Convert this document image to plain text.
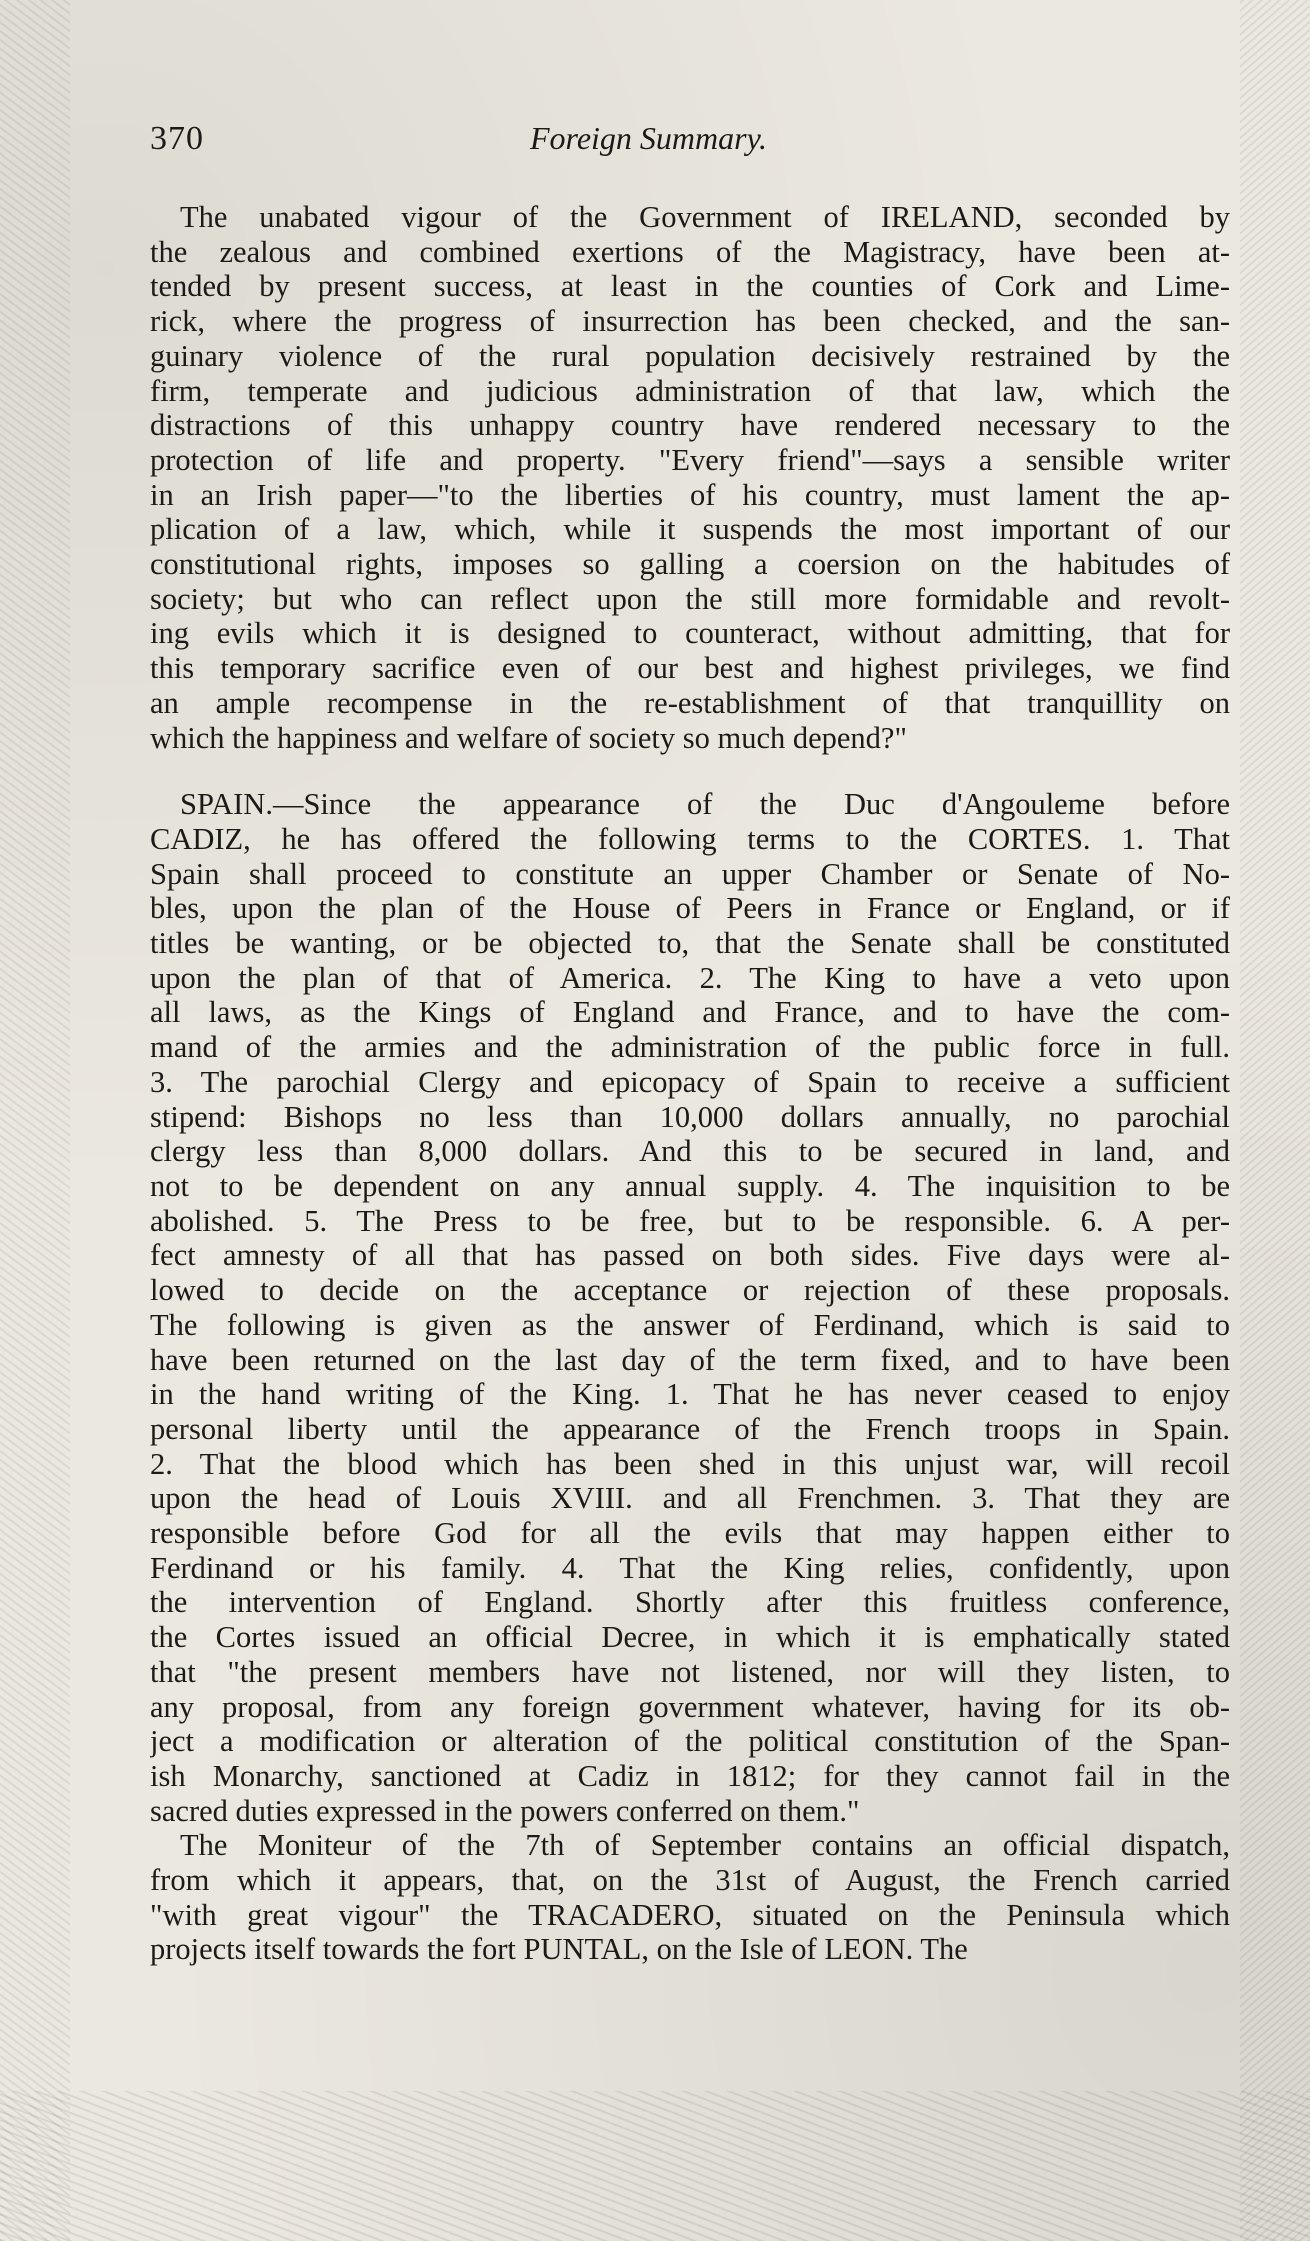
370	Foreign Summary.
The unabated vigour of the Government of IRELAND, seconded by
the zealous and combined exertions of the Magistracy, have been at-
tended by present success, at least in the counties of Cork and Lime-
rick, where the progress of insurrection has been checked, and the san-
guinary violence of the rural population decisively restrained by the
firm, temperate and judicious administration of that law, which the
distractions of this unhappy country have rendered necessary to the
protection of life and property. "Every friend"—says a sensible writer
in an Irish paper—"to the liberties of his country, must lament the ap-
plication of a law, which, while it suspends the most important of our
constitutional rights, imposes so galling a coersion on the habitudes of
society; but who can reflect upon the still more formidable and revolt-
ing evils which it is designed to counteract, without admitting, that for
this temporary sacrifice even of our best and highest privileges, we find
an ample recompense in the re-establishment of that tranquillity on
which the happiness and welfare of society so much depend?"
SPAIN.—Since the appearance of the Duc d'Angouleme before
CADIZ, he has offered the following terms to the CORTES. 1. That
Spain shall proceed to constitute an upper Chamber or Senate of No-
bles, upon the plan of the House of Peers in France or England, or if
titles be wanting, or be objected to, that the Senate shall be constituted
upon the plan of that of America. 2. The King to have a veto upon
all laws, as the Kings of England and France, and to have the com-
mand of the armies and the administration of the public force in full.
3. The parochial Clergy and epicopacy of Spain to receive a sufficient
stipend: Bishops no less than 10,000 dollars annually, no parochial
clergy less than 8,000 dollars. And this to be secured in land, and
not to be dependent on any annual supply. 4. The inquisition to be
abolished. 5. The Press to be free, but to be responsible. 6. A per-
fect amnesty of all that has passed on both sides. Five days were al-
lowed to decide on the acceptance or rejection of these proposals.
The following is given as the answer of Ferdinand, which is said to
have been returned on the last day of the term fixed, and to have been
in the hand writing of the King. 1. That he has never ceased to enjoy
personal liberty until the appearance of the French troops in Spain.
2. That the blood which has been shed in this unjust war, will recoil
upon the head of Louis XVIII. and all Frenchmen. 3. That they are
responsible before God for all the evils that may happen either to
Ferdinand or his family. 4. That the King relies, confidently, upon
the intervention of England. Shortly after this fruitless conference,
the Cortes issued an official Decree, in which it is emphatically stated
that "the present members have not listened, nor will they listen, to
any proposal, from any foreign government whatever, having for its ob-
ject a modification or alteration of the political constitution of the Span-
ish Monarchy, sanctioned at Cadiz in 1812; for they cannot fail in the
sacred duties expressed in the powers conferred on them."
The Moniteur of the 7th of September contains an official dispatch,
from which it appears, that, on the 31st of August, the French carried
"with great vigour" the TRACADERO, situated on the Peninsula which
projects itself towards the fort PUNTAL, on the Isle of LEON. The
